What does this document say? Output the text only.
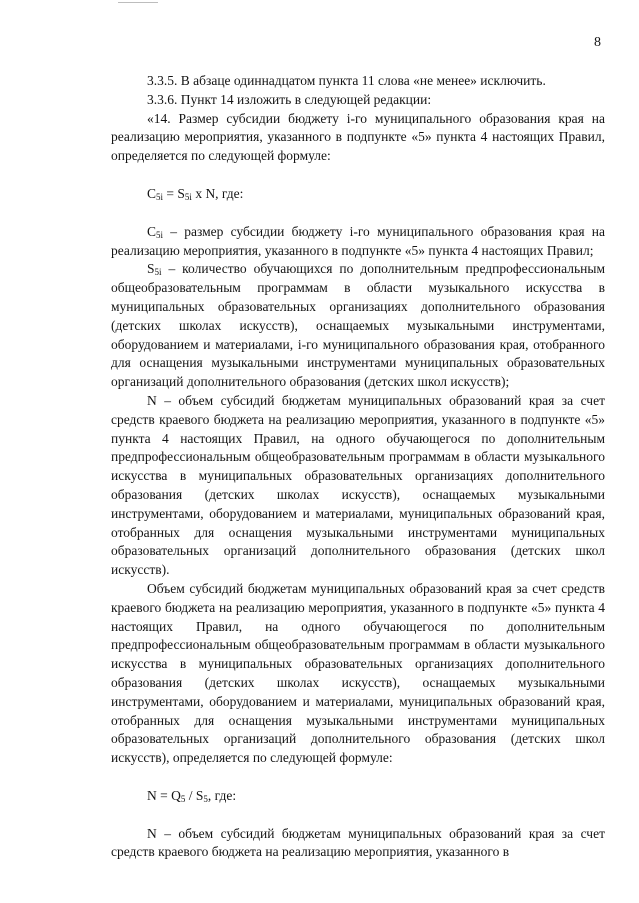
8

3.3.5. В абзаце одиннадцатом пункта 11 слова «не менее» исключить.

3.3.6. Пункт 14 изложить в следующей редакции:

«14. Размер субсидии бюджету i-го муниципального образования края на реализацию мероприятия, указанного в подпункте «5» пункта 4 настоящих Правил, определяется по следующей формуле:

$C_{5i} = S_{5i}$ x N, где:

$C_{5i}$ – размер субсидии бюджету i-го муниципального образования края на реализацию мероприятия, указанного в подпункте «5» пункта 4 настоящих Правил;

$S_{5i}$ – количество обучающихся по дополнительным предпрофессиональным общеобразовательным программам в области музыкального искусства в муниципальных образовательных организациях дополнительного образования (детских школах искусств), оснащаемых музыкальными инструментами, оборудованием и материалами, i-го муниципального образования края, отобранного для оснащения музыкальными инструментами муниципальных образовательных организаций дополнительного образования (детских школ искусств);

N – объем субсидий бюджетам муниципальных образований края за счет средств краевого бюджета на реализацию мероприятия, указанного в подпункте «5» пункта 4 настоящих Правил, на одного обучающегося по дополнительным предпрофессиональным общеобразовательным программам в области музыкального искусства в муниципальных образовательных организациях дополнительного образования (детских школах искусств), оснащаемых музыкальными инструментами, оборудованием и материалами, муниципальных образований края, отобранных для оснащения музыкальными инструментами муниципальных образовательных организаций дополнительного образования (детских школ искусств).

Объем субсидий бюджетам муниципальных образований края за счет средств краевого бюджета на реализацию мероприятия, указанного в подпункте «5» пункта 4 настоящих Правил, на одного обучающегося по дополнительным предпрофессиональным общеобразовательным программам в области музыкального искусства в муниципальных образовательных организациях дополнительного образования (детских школах искусств), оснащаемых музыкальными инструментами, оборудованием и материалами, муниципальных образований края, отобранных для оснащения музыкальными инструментами муниципальных образовательных организаций дополнительного образования (детских школ искусств), определяется по следующей формуле:

$N = Q_5 / S_5$, где:

N – объем субсидий бюджетам муниципальных образований края за счет средств краевого бюджета на реализацию мероприятия, указанного в
